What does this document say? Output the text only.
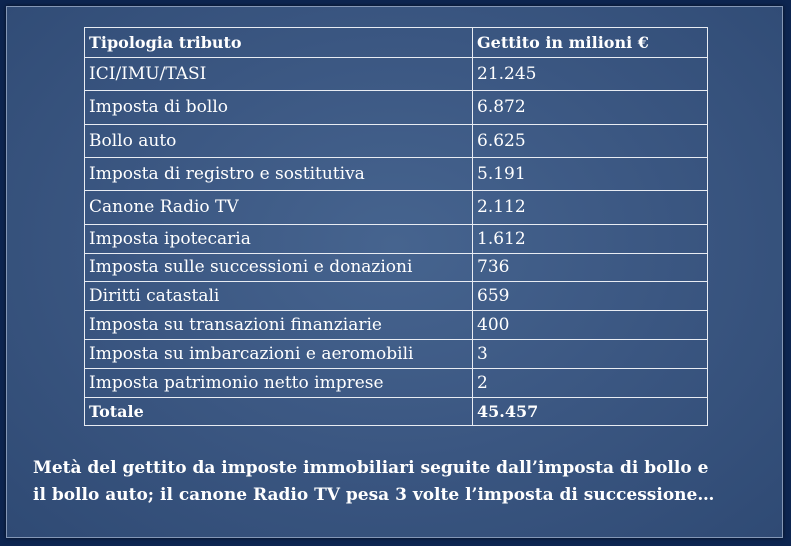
Tipologia tributo	Gettito in milioni €
ICI/IMU/TASI	21.245
Imposta di bollo	6.872
Bollo auto	6.625
Imposta di registro e sostitutiva	5.191
Canone Radio TV	2.112
Imposta ipotecaria	1.612
Imposta sulle successioni e donazioni	736
Diritti catastali	659
Imposta su transazioni finanziarie	400
Imposta su imbarcazioni e aeromobili	3
Imposta patrimonio netto imprese	2
Totale	45.457
Metà del gettito da imposte immobiliari seguite dall’imposta di bollo e
il bollo auto; il canone Radio TV pesa 3 volte l’imposta di successione…
